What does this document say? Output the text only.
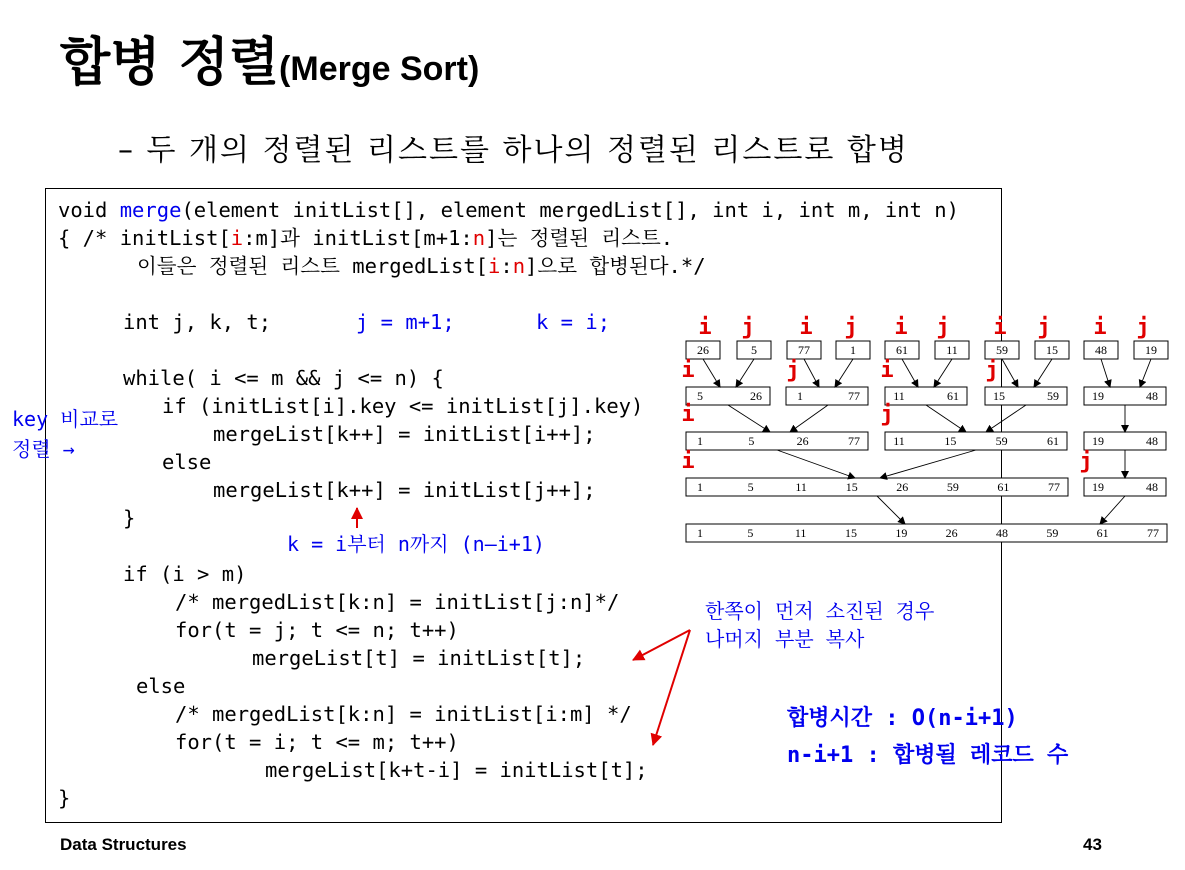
합병 정렬(Merge Sort)
– 두 개의 정렬된 리스트를 하나의 정렬된 리스트로 합병
void merge(element initList[], element mergedList[], int i, int m, int n)
{ /* initList[i:m]과 initList[m+1:n]는 정렬된 리스트.
이들은 정렬된 리스트 mergedList[i:n]으로 합병된다.*/
int j, k, t;	j = m+1;	k = i;
while( i <= m && j <= n) {
if (initList[i].key <= initList[j].key)
mergeList[k++] = initList[i++];
else
mergeList[k++] = initList[j++];
}
if (i > m)
/* mergedList[k:n] = initList[j:n]*/
for(t = j; t <= n; t++)
mergeList[t] = initList[t];
else
/* mergedList[k:n] = initList[i:m] */
for(t = i; t <= m; t++)
mergeList[k+t-i] = initList[t];
}
key 비교로
정렬 →
k = i부터 n까지 (n–i+1)
한쪽이 먼저 소진된 경우
나머지 부분 복사
합병시간 : O(n-i+1)
n-i+1 : 합병될 레코드 수
26	5	77	1	61	11	59	15	48	19
i j i j i j i j i j
5	26	1	77	11	61	15	59	19	48
1	5	26	77	11	15	59	61	19	48
1	5	11	15	26	59	61	77	19	48
1	5	11	15	19	26	48	59	61	77
i	j	i	j
i	j
i	j
Data Structures	43
